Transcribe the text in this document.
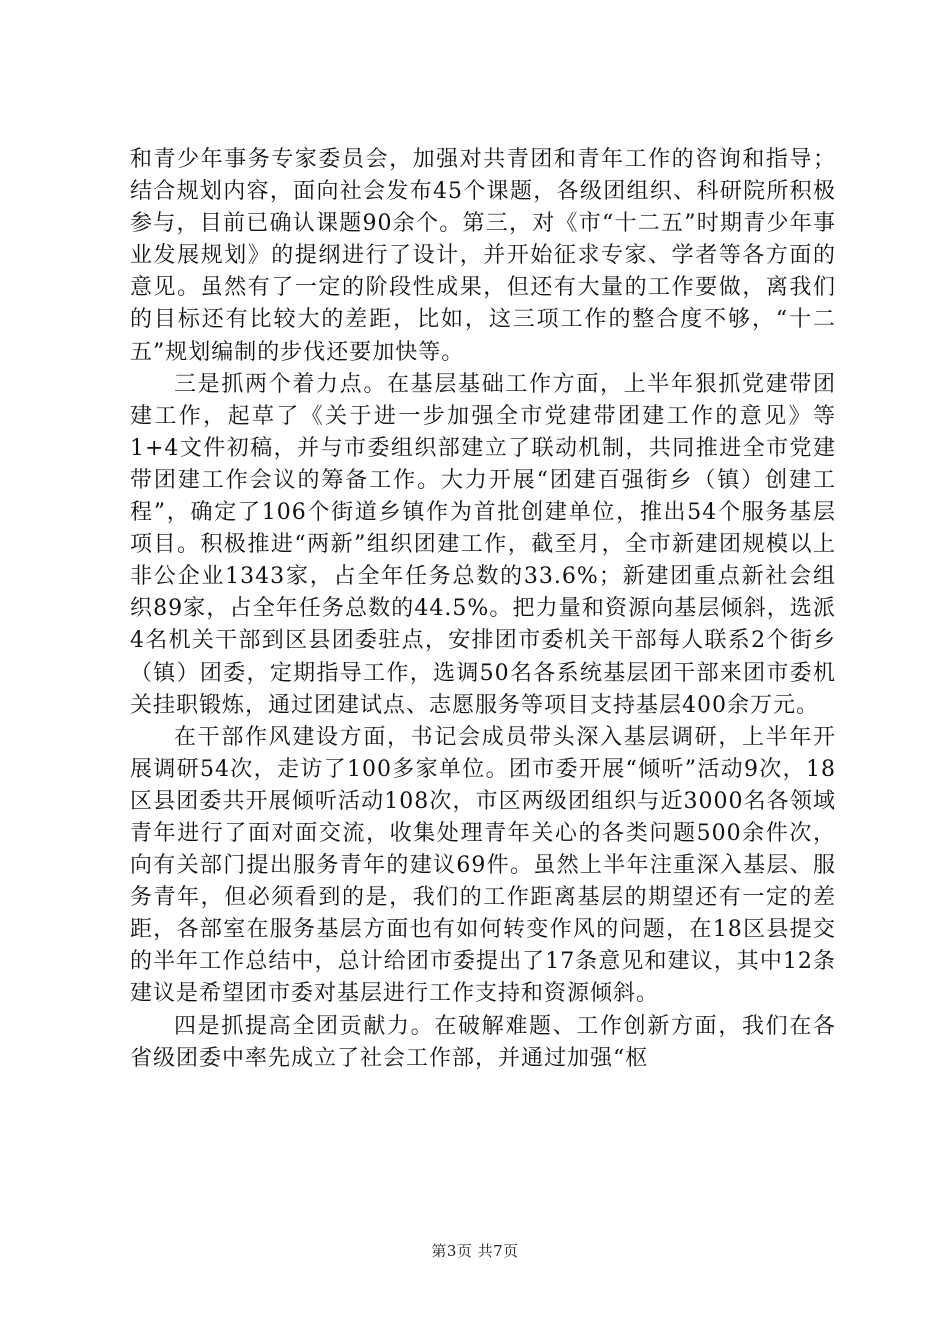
和青少年事务专家委员会，加强对共青团和青年工作的咨询和指导；结合规划内容，面向社会发布45个课题，各级团组织、科研院所积极参与，目前已确认课题90余个。第三，对《市“十二五”时期青少年事业发展规划》的提纲进行了设计，并开始征求专家、学者等各方面的意见。虽然有了一定的阶段性成果，但还有大量的工作要做，离我们的目标还有比较大的差距，比如，这三项工作的整合度不够，“十二五”规划编制的步伐还要加快等。

三是抓两个着力点。在基层基础工作方面，上半年狠抓党建带团建工作，起草了《关于进一步加强全市党建带团建工作的意见》等1+4文件初稿，并与市委组织部建立了联动机制，共同推进全市党建带团建工作会议的筹备工作。大力开展“团建百强街乡（镇）创建工程”，确定了106个街道乡镇作为首批创建单位，推出54个服务基层项目。积极推进“两新”组织团建工作，截至月，全市新建团规模以上非公企业1343家，占全年任务总数的33.6%；新建团重点新社会组织89家，占全年任务总数的44.5%。把力量和资源向基层倾斜，选派4名机关干部到区县团委驻点，安排团市委机关干部每人联系2个街乡（镇）团委，定期指导工作，选调50名各系统基层团干部来团市委机关挂职锻炼，通过团建试点、志愿服务等项目支持基层400余万元。

在干部作风建设方面，书记会成员带头深入基层调研，上半年开展调研54次，走访了100多家单位。团市委开展“倾听”活动9次，18区县团委共开展倾听活动108次，市区两级团组织与近3000名各领域青年进行了面对面交流，收集处理青年关心的各类问题500余件次，向有关部门提出服务青年的建议69件。虽然上半年注重深入基层、服务青年，但必须看到的是，我们的工作距离基层的期望还有一定的差距，各部室在服务基层方面也有如何转变作风的问题，在18区县提交的半年工作总结中，总计给团市委提出了17条意见和建议，其中12条建议是希望团市委对基层进行工作支持和资源倾斜。

四是抓提高全团贡献力。在破解难题、工作创新方面，我们在各省级团委中率先成立了社会工作部，并通过加强“枢

第3页 共7页
